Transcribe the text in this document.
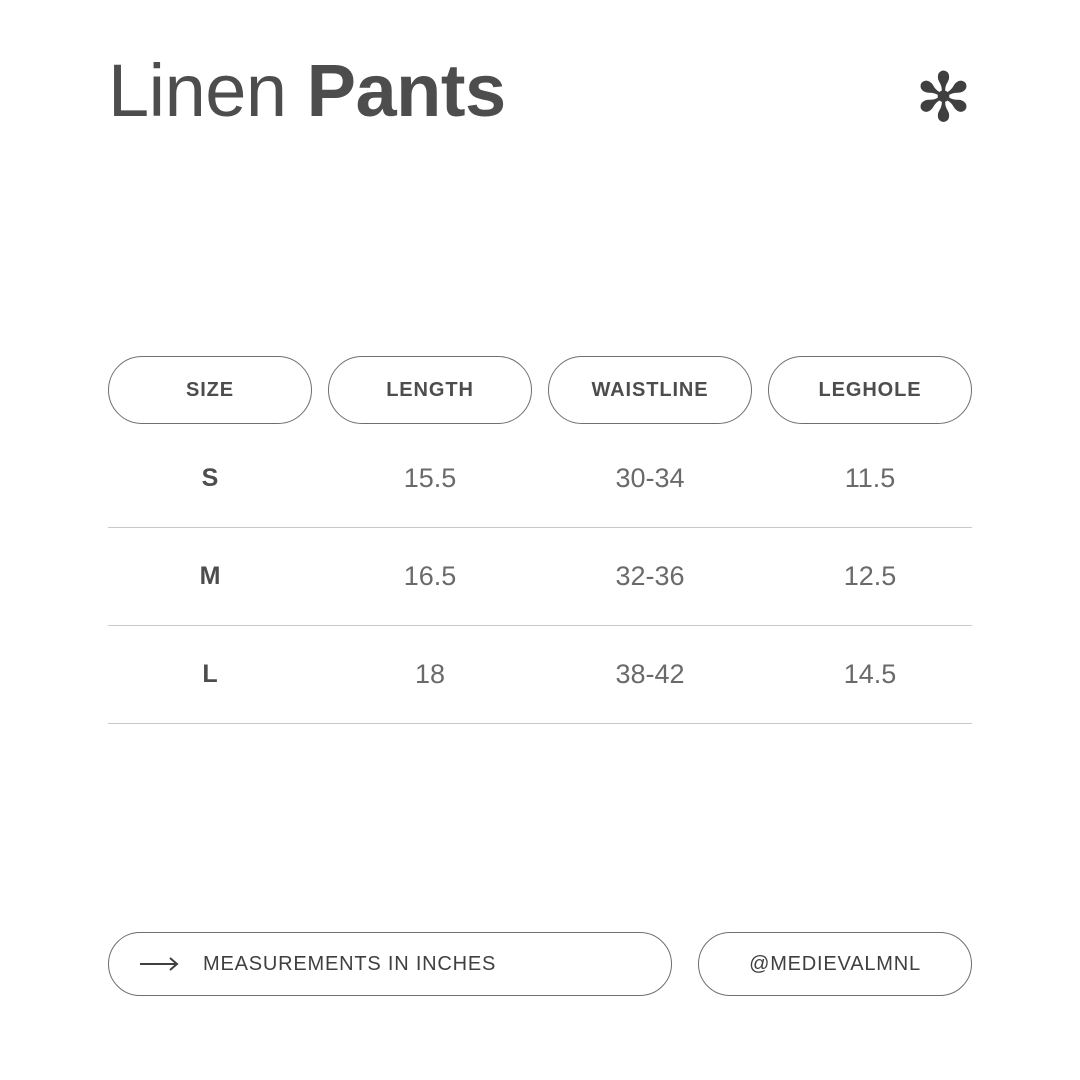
Linen Pants	✻
SIZE	LENGTH	WAISTLINE	LEGHOLE
S	15.5	30-34	11.5
M	16.5	32-36	12.5
L	18	38-42	14.5
MEASUREMENTS IN INCHES	@MEDIEVALMNL
